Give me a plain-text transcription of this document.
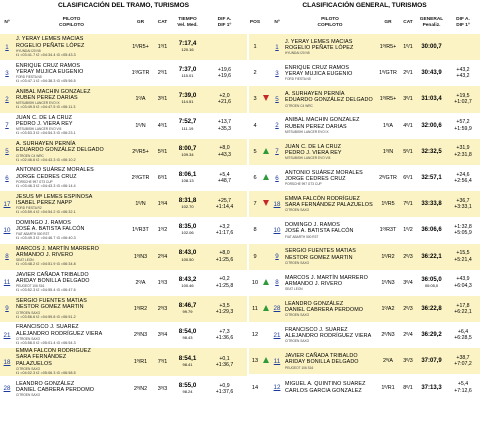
CLASIFICACIÓN DEL TRAMO, TURISMOS
Nº	PILOTO
COPILOTO	GR	CAT	TIEMPO
Vel. Med.	DIF A.
DIF 1º
1	J. YERAY LEMES MACIAS
ROGELIO PEÑATE LÓPEZ
HYUNDAI I20 N5
t1 =03:41.7 t2 =04:34.4 t3 =05:43.3	1º/R5+	1º/1	7:17,4
120.16	

3	ENRIQUE CRUZ RAMOS
YERAY MUJICA EUGENIO
FORD FIESTA N5
t1 =03:47.1 t2 =04:38.3 t3 =05:56.5	1º/GTR	2º/1	7:37,0
115.01	+19,6
+19,6

2	ANIBAL MACHIN GONZALEZ
RUBEN PEREZ DARIAS
MITSUBISHI LANCER EVO IX
t1 =03:49.5 t2 =04:47.5 t3 =06:11.3	1º/A	3º/1	7:39,0
114.51	+2,0
+21,6

7	JUAN C. DE LA CRUZ
PEDRO J. VIERA REY
MITSUBISHI LANCER EVO VIII
t1 =03:53.3 t2 =04:54.3 t3 =06:23.1	1º/N	4º/1	7:52,7
111.19	+13,7
+35,3

5	A. SURHAYEN PERNÍA
EDUARDO GONZÁLEZ DELGADO
CITROEN C4 WRC
t1 =02:46.6 t2 =04:43.3 t3 =06:10.2	2º/R5+	5º/1	8:00,7
109.34	+8,0
+43,3

6	ANTONIO SUÁREZ MORALES
JORGE CEDRES CRUZ
PORSCHE 997 GT3 CUP
t1 =03:46.3 t2 =04:43.3 t3 =06:14.4	2º/GTR	6º/1	8:06,1
108.13	+5,4
+48,7

17	JESUS Mª LEMES ESPINOSA
ISABEL PEREZ NAPP
FORD FIESTA R2
t1 =03:59.4 t2 =04:54.2 t3 =06:32.1	1º/N	1º/4	8:31,8
102.70	+25,7
+1:14,4

10	DOMINGO J. RAMOS
JOSÉ A. BATISTA FALCÓN
FIAT ABARTH 500 R3T
t1 =03:49.3 t2 =04:46.7 t3 =06:40.3	1º/R3T	1º/2	8:35,0
102.06	+3,2
+1:17,6

8	MARCOS J. MARTÍN MARRERO
ARMANDO J. RIVERO
SEAT LEON
t1 =03:48.2 t2 =04:51.9 t3 =06:34.8	1º/N3	2º/4	8:43,0
100.50	+8,0
+1:25,6

11	JAVIER CAÑADA TRIBALDO
ARIDAY BONILLA DELGADO
PEUGEOT 106 S16
t1 =03:52.3 t2 =04:55.4 t3 =06:47.6	2º/A	1º/3	8:43,2
100.46	+0,2
+1:25,8

9	SERGIO FUENTES MATIAS
NESTOR GOMEZ MARTIN
CITROEN SAXO
t1 =03:56.6 t2 =04:59.8 t3 =06:51.2	1º/R2	2º/3	8:46,7
99.79	+3,5
+1:29,3

21	FRANCISCO J. SUAREZ
ALEJANDRO RODRÍGUEZ VIERA
CITROEN SAXO
t1 =03:58.0 t2 =05:01.4 t3 =06:54.3	2º/N3	3º/4	8:54,0
98.43	+7,3
+1:36,6

18	EMMA FALCÓN RODRÍGUEZ
SARA FERNÁNDEZ
PALAZUELOS
CITROEN SAXO
t1 =04:02.3 t2 =05:06.3 t3 =06:58.5	1º/R1	7º/1	8:54,1
98.41	+0,1
+1:36,7

28	LEANDRO GONZÁLEZ
DANIEL CABRERA PERDOMO
CITROEN SAXO	2º/N2	3º/3	8:55,0
98.24	+0,9
+1:37,6
CLASIFICACIÓN GENERAL, TURISMOS
POS		Nº	PILOTO
COPILOTO	GR	CAT	GENERAL
Penaliz.	DIF A.
DIF 1º
1		1	J. YERAY LEMES MACIAS
ROGELIO PEÑATE LÓPEZ
HYUNDAI I20 N5	1º/R5+	1º/1	30:00,7

2		3	ENRIQUE CRUZ RAMOS
YERAY MUJICA EUGENIO
FORD FIESTA N5	1º/GTR	2º/1	30:43,9	+43,2
+43,2

3		5	A. SURHAYEN PERNÍA
EDUARDO GONZÁLEZ DELGADO
CITROEN C4 WRC	1º/R5+	3º/1	31:03,4	+19,5
+1:02,7

4		2	ANIBAL MACHIN GONZALEZ
RUBEN PEREZ DARIAS
MITSUBISHI LANCER EVO IX	1º/A	4º/1	32:00,6	+57,2
+1:59,9

5		7	JUAN C. DE LA CRUZ
PEDRO J. VIERA REY
MITSUBISHI LANCER EVO VIII	1º/N	5º/1	32:32,5	+31,9
+2:31,8

6		6	ANTONIO SUÁREZ MORALES
JORGE CEDRES CRUZ
PORSCHE 997 GT3 CUP	2º/GTR	6º/1	32:57,1	+24,6
+2:56,4

7		18	EMMA FALCÓN RODRÍGUEZ
SARA FERNÁNDEZ PALAZUELOS
CITROEN SAXO	1º/R5	7º/1	33:33,8	+36,7
+3:33,1

8		10	DOMINGO J. RAMOS
JOSÉ A. BATISTA FALCÓN
FIAT ABARTH 500 R3T	1º/R3T	1º/2	36:06,6	+1:32,8
+5:05,9

9		9	SERGIO FUENTES MATIAS
NESTOR GOMEZ MARTIN
CITROEN SAXO	1º/R2	2º/3	36:22,1	+15,5
+5:21,4

10		8	MARCOS J. MARTÍN MARRERO
ARMANDO J. RIVERO
SEAT LEON	1º/N3	3º/4	36:05,0
00:05,0	+43,9
+6:04,3

11		28	LEANDRO GONZÁLEZ
DANIEL CABRERA PERDOMO
CITROEN SAXO	1º/A2	2º/3	36:22,8	+17,8
+6:22,1

12		21	FRANCISCO J. SUAREZ
ALEJANDRO RODRÍGUEZ VIERA
CITROEN SAXO	2º/N3	2º/4	36:29,2	+6,4
+6:28,5

13		11	JAVIER CAÑADA TRIBALDO
ARIDAY BONILLA DELGADO
PEUGEOT 106 S16	2º/A	3º/3	37:07,9	+38,7
+7:07,2

14		12	MIGUEL A. QUINTINO SUAREZ
CARLOS GARCIA GONZALEZ	1º/R1	8º/1	37:13,3	+5,4
+7:12,6
